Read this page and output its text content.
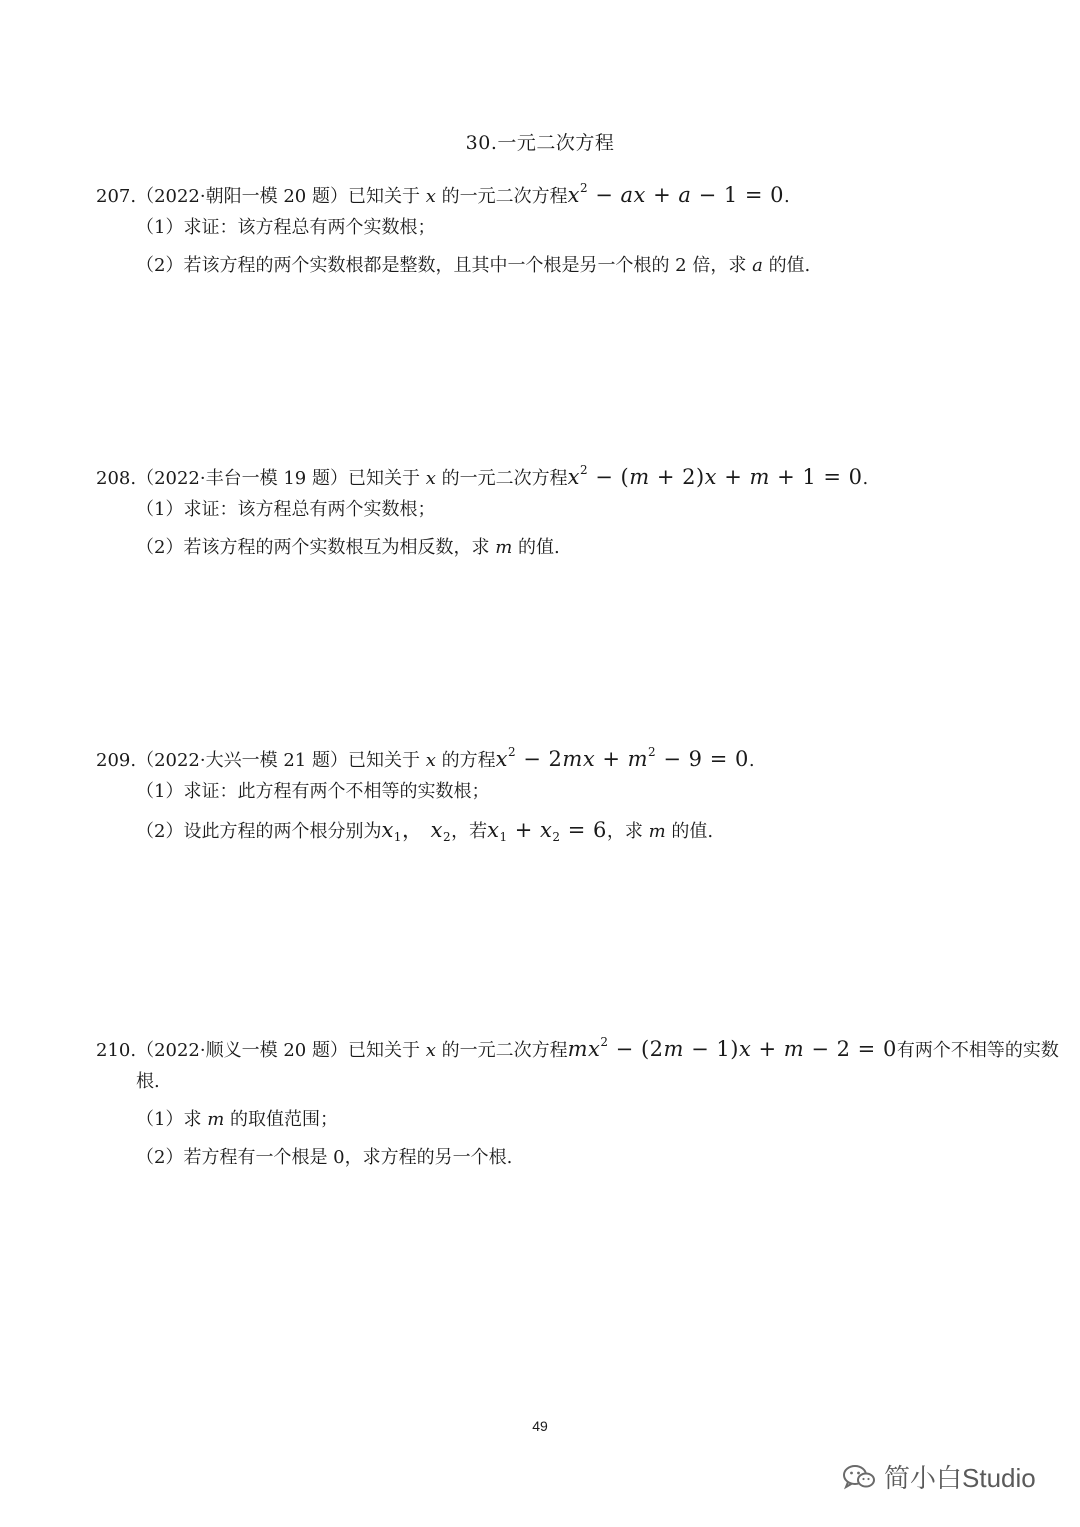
30.一元二次方程
207.（2022·朝阳一模 20 题）已知关于 x 的一元二次方程$x^2$ − ax + a − 1 = 0.
（1）求证：该方程总有两个实数根；
（2）若该方程的两个实数根都是整数，且其中一个根是另一个根的 2 倍，求 a 的值.
208.（2022·丰台一模 19 题）已知关于 x 的一元二次方程$x^2 - (m + 2)x + m + 1 = 0$.
（1）求证：该方程总有两个实数根；
（2）若该方程的两个实数根互为相反数，求 m 的值.
209.（2022·大兴一模 21 题）已知关于 x 的方程$x^2 - 2mx + m^2 - 9 = 0$.
（1）求证：此方程有两个不相等的实数根；
（2）设此方程的两个根分别为$x_1$， $x_2$，若$x_1 + x_2 = 6$，求 m 的值.
210.（2022·顺义一模 20 题）已知关于 x 的一元二次方程$mx^2 - (2m - 1)x + m - 2 = 0$有两个不相等的实数
根.
（1）求 m 的取值范围；
（2）若方程有一个根是 0，求方程的另一个根.
49
简小白Studio
